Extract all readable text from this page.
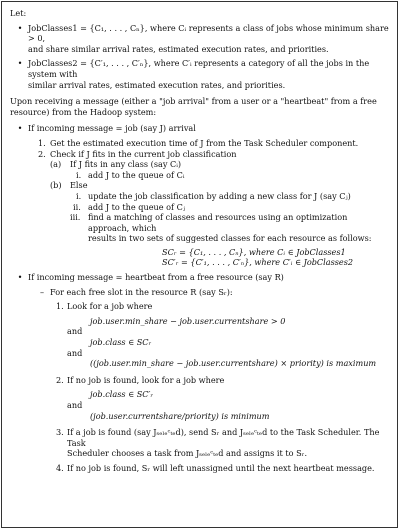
Let:

• JobClasses1 = {C₁, . . . , Cₙ}, where Cᵢ represents a class of jobs whose minimum share > 0,
and share similar arrival rates, estimated execution rates, and priorities.
• JobClasses2 = {C′₁, . . . , C′ₙ}, where C′ᵢ represents a category of all the jobs in the system with
similar arrival rates, estimated execution rates, and priorities.
Upon receiving a message (either a "job arrival" from a user or a "heartbeat" from a free
resource) from the Hadoop system:
• If incoming message = job (say J) arrival
1. Get the estimated execution time of J from the Task Scheduler component.
2. Check if J fits in the current job classification
(a) If J fits in any class (say Cᵢ)
i. add J to the queue of Cᵢ
(b) Else
i. update the job classification by adding a new class for J (say Cⱼ)
ii. add J to the queue of Cⱼ
iii. find a matching of classes and resources using an optimization approach, which
results in two sets of suggested classes for each resource as follows:
SCᵣ = {C₁, . . . , Cₙ}, where Cᵢ ∈ JobClasses1
SC′ᵣ = {C′₁, . . . , C′ₙ}, where C′ᵢ ∈ JobClasses2
• If incoming message = heartbeat from a free resource (say R)
– For each free slot in the resource R (say Sᵣ):
1. Look for a job where
job.user.min_share − job.user.currentshare > 0
and
job.class ∈ SCᵣ
and
((job.user.min_share − job.user.currentshare) × priority) is maximum
2. If no job is found, look for a job where
job.class ∈ SC′ᵣ
and
(job.user.currentshare/priority) is minimum
3. If a job is found (say Jₛₑₗₑᶜₜₑd), send Sᵣ and Jₛₑₗₑᶜₜₑd to the Task Scheduler. The Task
Scheduler chooses a task from Jₛₑₗₑᶜₜₑd and assigns it to Sᵣ.
4. If no job is found, Sᵣ will left unassigned until the next heartbeat message.
